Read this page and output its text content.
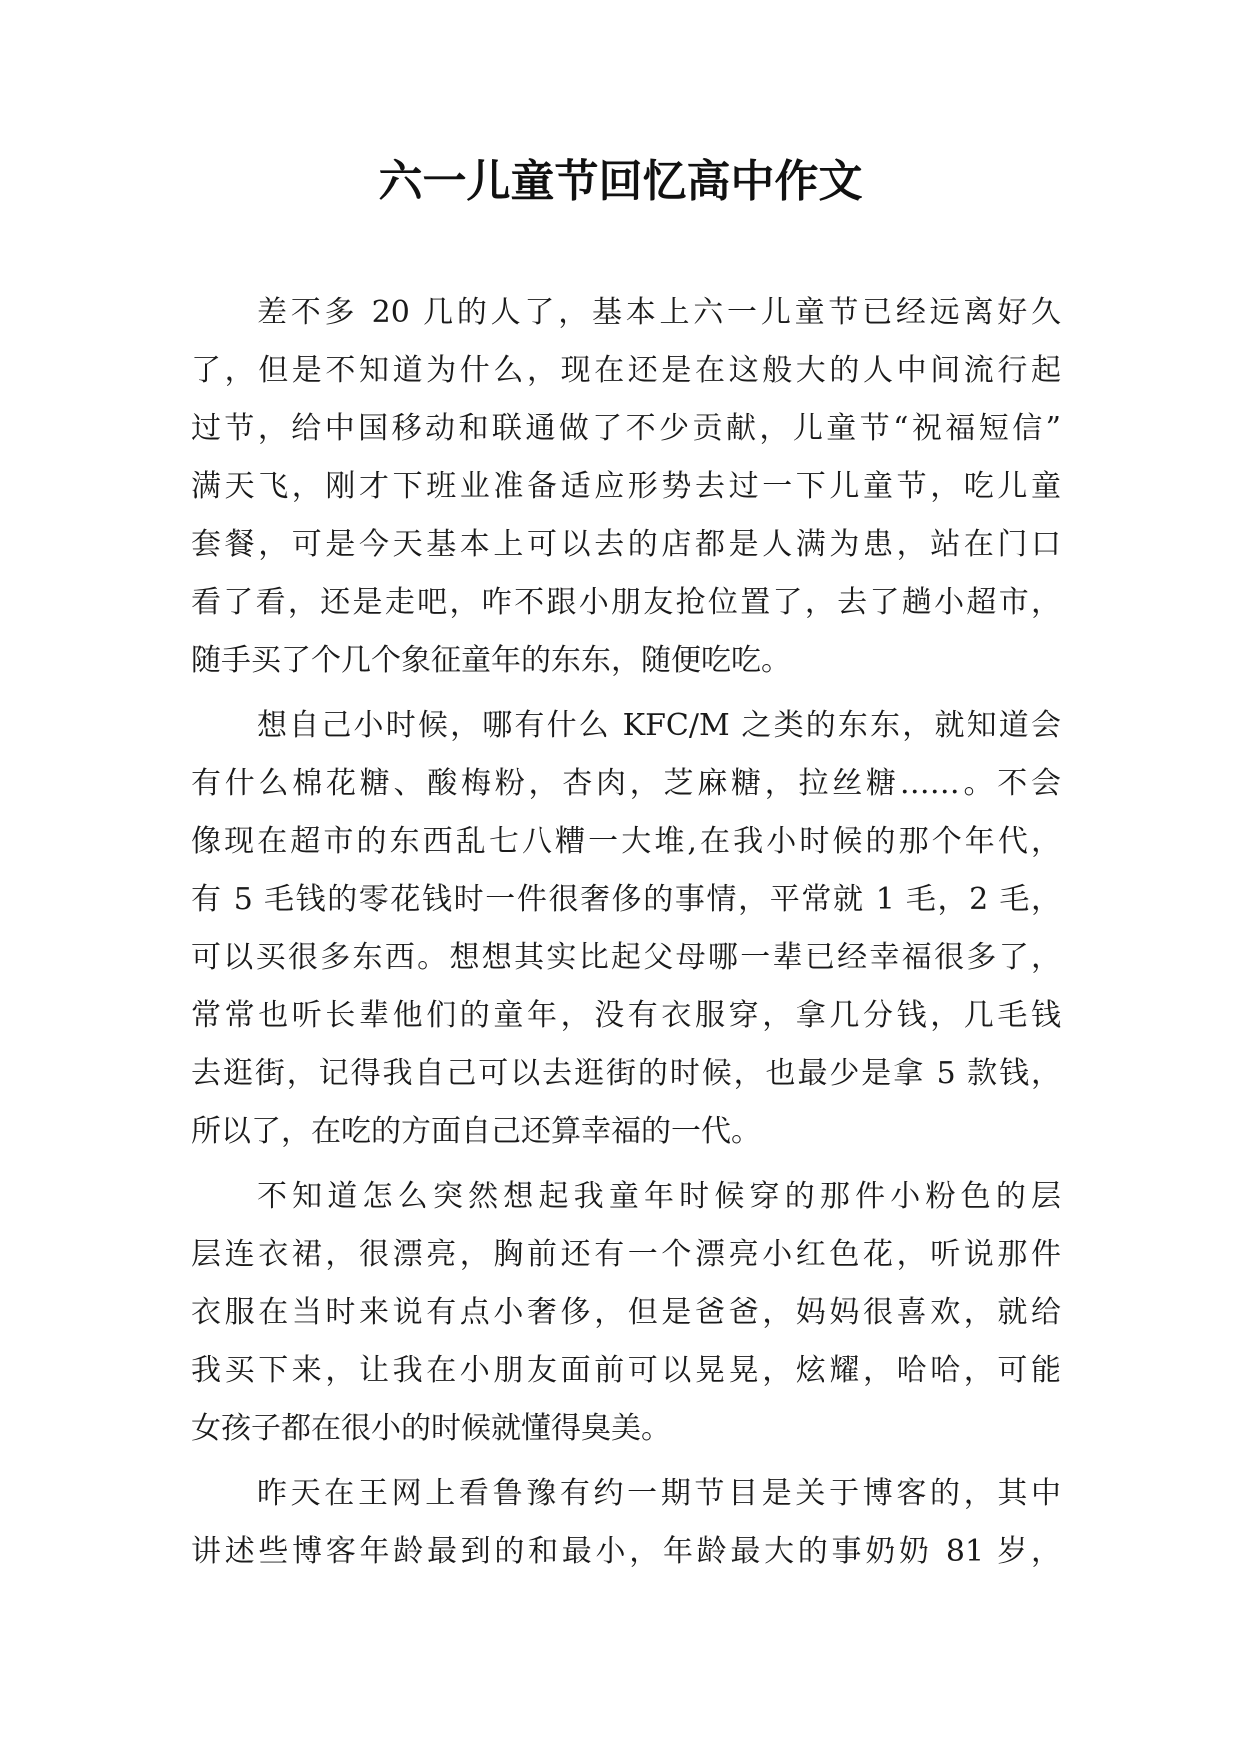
六一儿童节回忆高中作文
差不多 20 几的人了，基本上六一儿童节已经远离好久
了，但是不知道为什么，现在还是在这般大的人中间流行起
过节，给中国移动和联通做了不少贡献，儿童节“祝福短信”
满天飞，刚才下班业准备适应形势去过一下儿童节，吃儿童
套餐，可是今天基本上可以去的店都是人满为患，站在门口
看了看，还是走吧，咋不跟小朋友抢位置了，去了趟小超市，
随手买了个几个象征童年的东东，随便吃吃。
想自己小时候，哪有什么 KFC/M 之类的东东，就知道会
有什么棉花糖、酸梅粉，杏肉，芝麻糖，拉丝糖……。不会
像现在超市的东西乱七八糟一大堆,在我小时候的那个年代，
有 5 毛钱的零花钱时一件很奢侈的事情，平常就 1 毛，2 毛，
可以买很多东西。想想其实比起父母哪一辈已经幸福很多了，
常常也听长辈他们的童年，没有衣服穿，拿几分钱，几毛钱
去逛街，记得我自己可以去逛街的时候，也最少是拿 5 款钱，
所以了，在吃的方面自己还算幸福的一代。
不知道怎么突然想起我童年时候穿的那件小粉色的层
层连衣裙，很漂亮，胸前还有一个漂亮小红色花，听说那件
衣服在当时来说有点小奢侈，但是爸爸，妈妈很喜欢，就给
我买下来，让我在小朋友面前可以晃晃，炫耀，哈哈，可能
女孩子都在很小的时候就懂得臭美。
昨天在王网上看鲁豫有约一期节目是关于博客的，其中
讲述些博客年龄最到的和最小，年龄最大的事奶奶 81 岁，
